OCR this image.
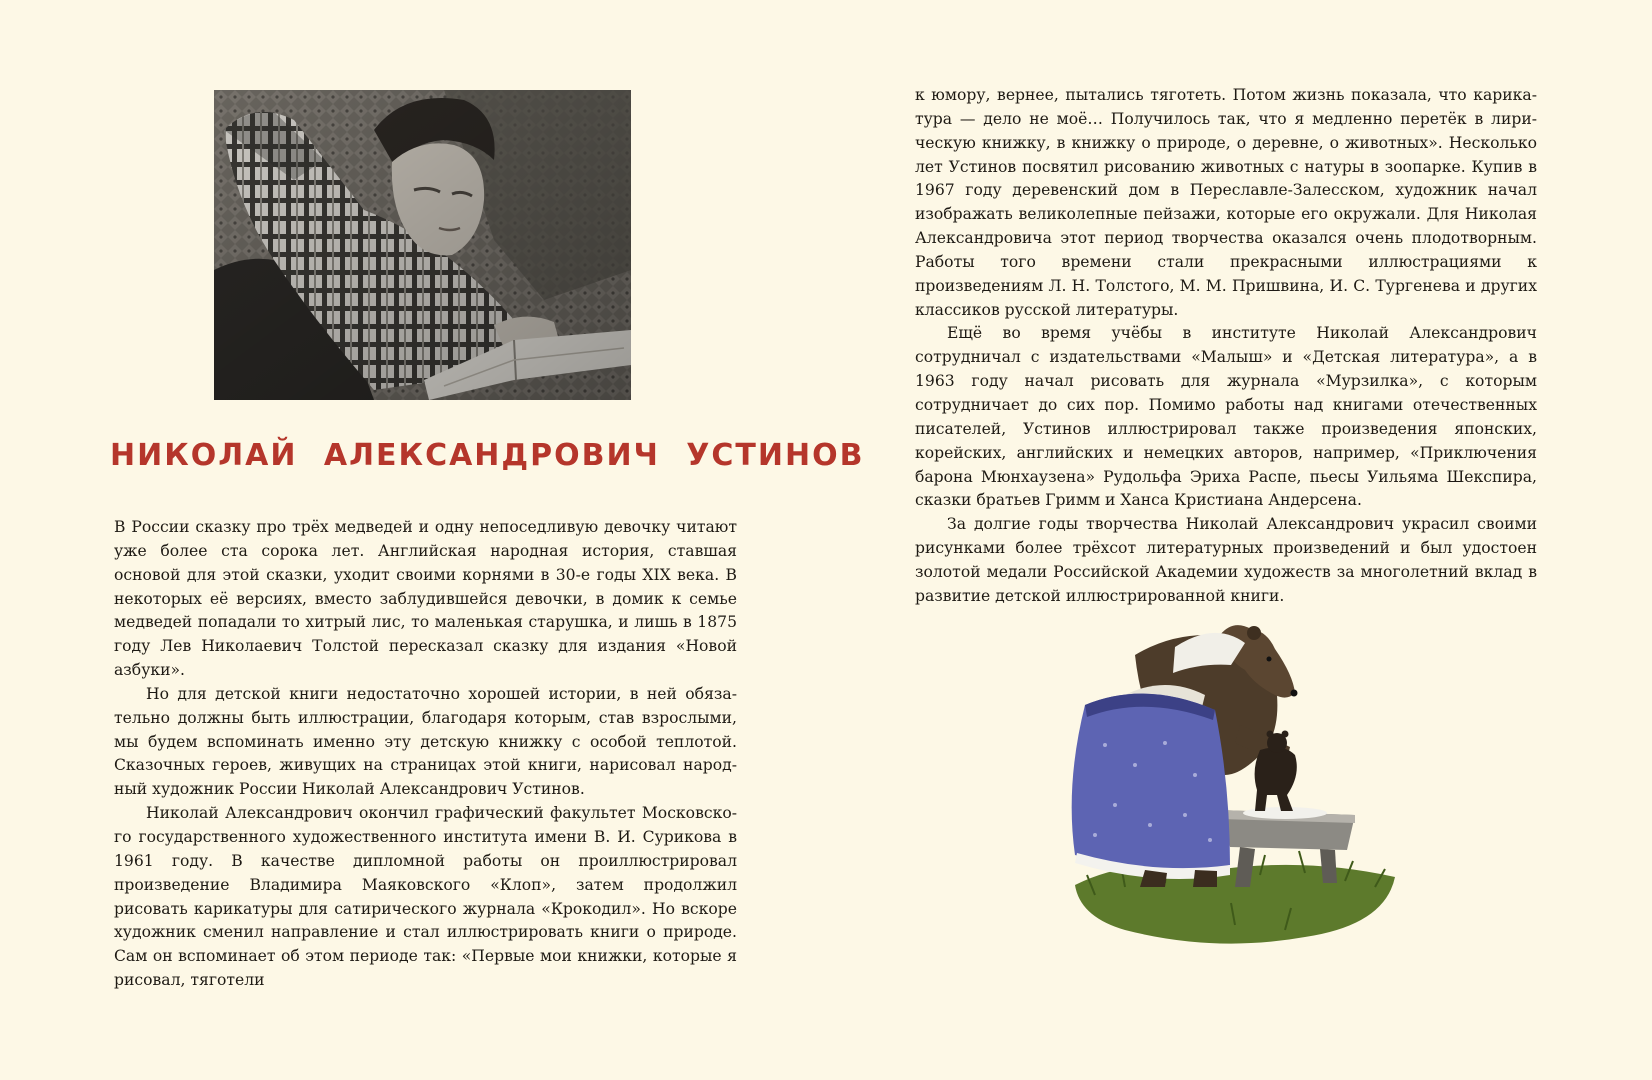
НИКОЛАЙ АЛЕКСАНДРОВИЧ УСТИНОВ

В России сказку про трёх медведей и одну непоседливую девочку читают уже более ста сорока лет. Английская народная история, ставшая основой для этой сказки, уходит своими корнями в 30-е годы XIX века. В некоторых её версиях, вместо заблудившейся девочки, в домик к семье медведей попадали то хитрый лис, то маленькая старушка, и лишь в 1875 году Лев Николаевич Толстой пересказал сказку для издания «Новой азбуки».

Но для детской книги недостаточно хорошей истории, в ней обязательно должны быть иллюстрации, благодаря которым, став взрослыми, мы будем вспоминать именно эту детскую книжку с особой теплотой. Сказочных героев, живущих на страницах этой книги, нарисовал народный художник России Николай Александрович Устинов.

Николай Александрович окончил графический факультет Московского государственного художественного института имени В. И. Сурикова в 1961 году. В качестве дипломной работы он проиллюстрировал произведение Владимира Маяковского «Клоп», затем продолжил рисовать карикатуры для сатирического журнала «Крокодил». Но вскоре художник сменил направление и стал иллюстрировать книги о природе. Сам он вспоминает об этом периоде так: «Первые мои книжки, которые я рисовал, тяготели

к юмору, вернее, пытались тяготеть. Потом жизнь показала, что карикатура — дело не моё… Получилось так, что я медленно перетёк в лирическую книжку, в книжку о природе, о деревне, о животных». Несколько лет Устинов посвятил рисованию животных с натуры в зоопарке. Купив в 1967 году деревенский дом в Переславле-Залесском, художник начал изображать великолепные пейзажи, которые его окружали. Для Николая Александровича этот период творчества оказался очень плодотворным. Работы того времени стали прекрасными иллюстрациями к произведениям Л. Н. Толстого, М. М. Пришвина, И. С. Тургенева и других классиков русской литературы.

Ещё во время учёбы в институте Николай Александрович сотрудничал с издательствами «Малыш» и «Детская литература», а в 1963 году начал рисовать для журнала «Мурзилка», с которым сотрудничает до сих пор. Помимо работы над книгами отечественных писателей, Устинов иллюстрировал также произведения японских, корейских, английских и немецких авторов, например, «Приключения барона Мюнхаузена» Рудольфа Эриха Распе, пьесы Уильяма Шекспира, сказки братьев Гримм и Ханса Кристиана Андерсена.

За долгие годы творчества Николай Александрович украсил своими рисунками более трёхсот литературных произведений и был удостоен золотой медали Российской Академии художеств за многолетний вклад в развитие детской иллюстрированной книги.
